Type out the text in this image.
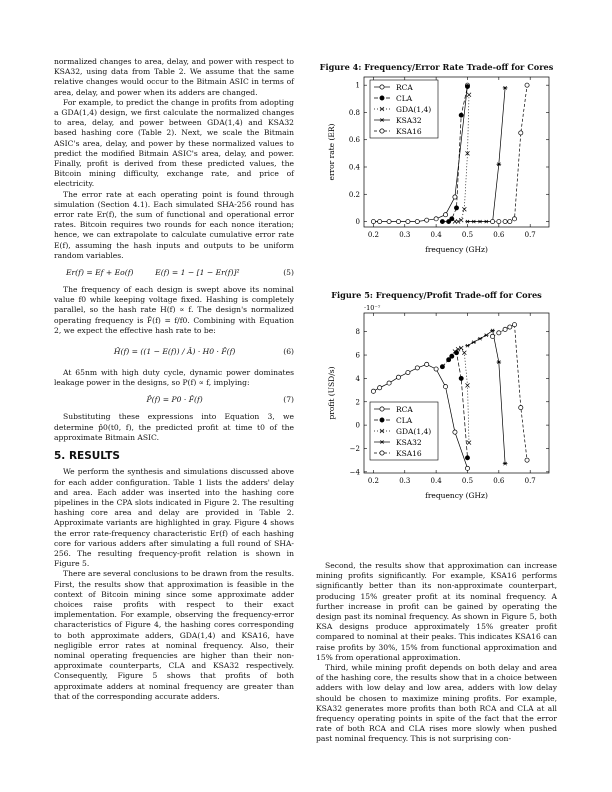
normalized changes to area, delay, and power with respect to KSA32, using data from Table 2. We assume that the same relative changes would occur to the Bitmain ASIC in terms of area, delay, and power when its adders are changed.

For example, to predict the change in profits from adopting a GDA(1,4) design, we first calculate the normalized changes to area, delay, and power between GDA(1,4) and KSA32 based hashing core (Table 2). Next, we scale the Bitmain ASIC's area, delay, and power by these normalized values to predict the modified Bitmain ASIC's area, delay, and power. Finally, profit is derived from these predicted values, the Bitcoin mining difficulty, exchange rate, and price of electricity.

The error rate at each operating point is found through simulation (Section 4.1). Each simulated SHA-256 round has error rate Er(f), the sum of functional and operational error rates. Bitcoin requires two rounds for each nonce iteration; hence, we can extrapolate to calculate cumulative error rate E(f), assuming the hash inputs and outputs to be uniform random variables.

Er(f) = Ef + Eo(f)	E(f) = 1 − [1 − Er(f)]²	(5)

The frequency of each design is swept above its nominal value f0 while keeping voltage fixed. Hashing is completely parallel, so the hash rate H(f) ∝ f. The design's normalized operating frequency is F̂(f) = f/f0. Combining with Equation 2, we expect the effective hash rate to be:

Ĥ(f) = ((1 − E(f)) / Â) · H0 · F̂(f)	(6)

At 65nm with high duty cycle, dynamic power dominates leakage power in the designs, so P(f) ∝ f, implying:

P̂(f) = P0 · F̂(f)	(7)

Substituting these expressions into Equation 3, we determine p̂0(t0, f), the predicted profit at time t0 of the approximate Bitmain ASIC.

5. RESULTS

We perform the synthesis and simulations discussed above for each adder configuration. Table 1 lists the adders' delay and area. Each adder was inserted into the hashing core pipelines in the CPA slots indicated in Figure 2. The resulting hashing core area and delay are provided in Table 2. Approximate variants are highlighted in gray. Figure 4 shows the error rate-frequency characteristic Er(f) of each hashing core for various adders after simulating a full round of SHA-256. The resulting frequency-profit relation is shown in Figure 5.

There are several conclusions to be drawn from the results. First, the results show that approximation is feasible in the context of Bitcoin mining since some approximate adder choices raise profits with respect to their exact implementation. For example, observing the frequency-error characteristics of Figure 4, the hashing cores corresponding to both approximate adders, GDA(1,4) and KSA16, have negligible error rates at nominal frequency. Also, their nominal operating frequencies are higher than their non-approximate counterparts, CLA and KSA32 respectively. Consequently, Figure 5 shows that profits of both approximate adders at nominal frequency are greater than that of the corresponding accurate adders.

Figure 4: Frequency/Error Rate Trade-off for Cores
0.2	0.3	0.4	0.5	0.6	0.7
0
0.2
0.4
0.6
0.8
1
frequency (GHz)
error rate (ER)
RCA
CLA
GDA(1,4)
KSA32
KSA16
Figure 5: Frequency/Profit Trade-off for Cores
0.2	0.3	0.4	0.5	0.6	0.7
−4
−2
0
2
4
6
8
frequency (GHz)
profit (USD/s)
·10⁻⁷
RCA
CLA
GDA(1,4)
KSA32
KSA16

Second, the results show that approximation can increase mining profits significantly. For example, KSA16 performs significantly better than its non-approximate counterpart, producing 15% greater profit at its nominal frequency. A further increase in profit can be gained by operating the design past its nominal frequency. As shown in Figure 5, both KSA designs produce approximately 15% greater profit compared to nominal at their peaks. This indicates KSA16 can raise profits by 30%, 15% from functional approximation and 15% from operational approximation.

Third, while mining profit depends on both delay and area of the hashing core, the results show that in a choice between adders with low delay and low area, adders with low delay should be chosen to maximize mining profits. For example, KSA32 generates more profits than both RCA and CLA at all frequency operating points in spite of the fact that the error rate of both RCA and CLA rises more slowly when pushed past nominal frequency. This is not surprising con-
